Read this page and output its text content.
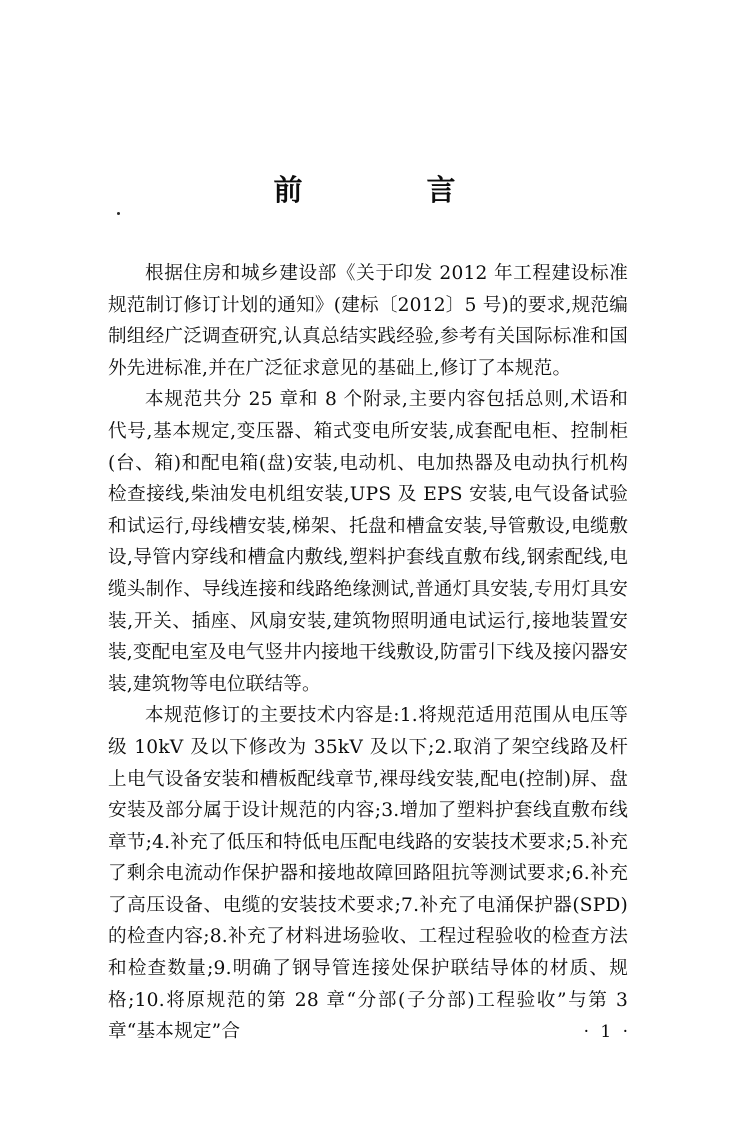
前　　言

根据住房和城乡建设部《关于印发 2012 年工程建设标准规范制订修订计划的通知》(建标〔2012〕5 号)的要求,规范编制组经广泛调查研究,认真总结实践经验,参考有关国际标准和国外先进标准,并在广泛征求意见的基础上,修订了本规范。

本规范共分 25 章和 8 个附录,主要内容包括总则,术语和代号,基本规定,变压器、箱式变电所安装,成套配电柜、控制柜(台、箱)和配电箱(盘)安装,电动机、电加热器及电动执行机构检查接线,柴油发电机组安装,UPS 及 EPS 安装,电气设备试验和试运行,母线槽安装,梯架、托盘和槽盒安装,导管敷设,电缆敷设,导管内穿线和槽盒内敷线,塑料护套线直敷布线,钢索配线,电缆头制作、导线连接和线路绝缘测试,普通灯具安装,专用灯具安装,开关、插座、风扇安装,建筑物照明通电试运行,接地装置安装,变配电室及电气竖井内接地干线敷设,防雷引下线及接闪器安装,建筑物等电位联结等。

本规范修订的主要技术内容是:1.将规范适用范围从电压等级 10kV 及以下修改为 35kV 及以下;2.取消了架空线路及杆上电气设备安装和槽板配线章节,裸母线安装,配电(控制)屏、盘安装及部分属于设计规范的内容;3.增加了塑料护套线直敷布线章节;4.补充了低压和特低电压配电线路的安装技术要求;5.补充了剩余电流动作保护器和接地故障回路阻抗等测试要求;6.补充了高压设备、电缆的安装技术要求;7.补充了电涌保护器(SPD)的检查内容;8.补充了材料进场验收、工程过程验收的检查方法和检查数量;9.明确了钢导管连接处保护联结导体的材质、规格;10.将原规范的第 28 章“分部(子分部)工程验收”与第 3 章“基本规定”合	· 1 ·
